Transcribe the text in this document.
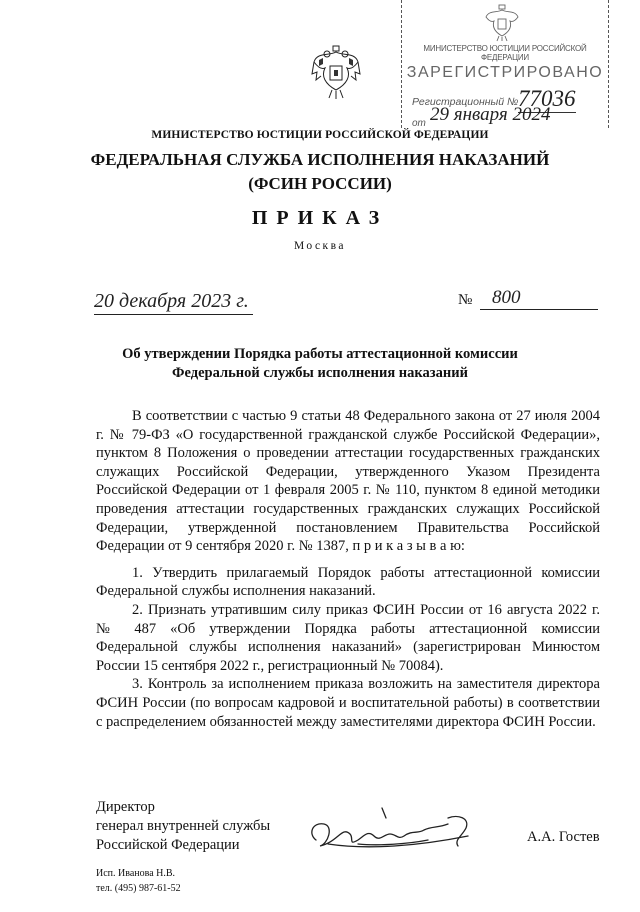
МИНИСТЕРСТВО ЮСТИЦИИ РОССИЙСКОЙ ФЕДЕРАЦИИ
ЗАРЕГИСТРИРОВАНО
Регистрационный № 77036
от 29 января 2024
МИНИСТЕРСТВО ЮСТИЦИИ РОССИЙСКОЙ ФЕДЕРАЦИИ
ФЕДЕРАЛЬНАЯ СЛУЖБА ИСПОЛНЕНИЯ НАКАЗАНИЙ
(ФСИН РОССИИ)
ПРИКАЗ
Москва
20 декабря 2023 г.	№	800
Об утверждении Порядка работы аттестационной комиссии
Федеральной службы исполнения наказаний

В соответствии с частью 9 статьи 48 Федерального закона от 27 июля 2004 г. № 79-ФЗ «О государственной гражданской службе Российской Федерации», пунктом 8 Положения о проведении аттестации государственных гражданских служащих Российской Федерации, утвержденного Указом Президента Российской Федерации от 1 февраля 2005 г. № 110, пунктом 8 единой методики проведения аттестации государственных гражданских служащих Российской Федерации, утвержденной постановлением Правительства Российской Федерации от 9 сентября 2020 г. № 1387, п р и к а з ы в а ю:

1. Утвердить прилагаемый Порядок работы аттестационной комиссии Федеральной службы исполнения наказаний.

2. Признать утратившим силу приказ ФСИН России от 16 августа 2022 г. № 487 «Об утверждении Порядка работы аттестационной комиссии Федеральной службы исполнения наказаний» (зарегистрирован Минюстом России 15 сентября 2022 г., регистрационный № 70084).

3. Контроль за исполнением приказа возложить на заместителя директора ФСИН России (по вопросам кадровой и воспитательной работы) в соответствии с распределением обязанностей между заместителями директора ФСИН России.

Директор
генерал внутренней службы
Российской Федерации	А.А. Гостев
Исп. Иванова Н.В.
тел. (495) 987-61-52
